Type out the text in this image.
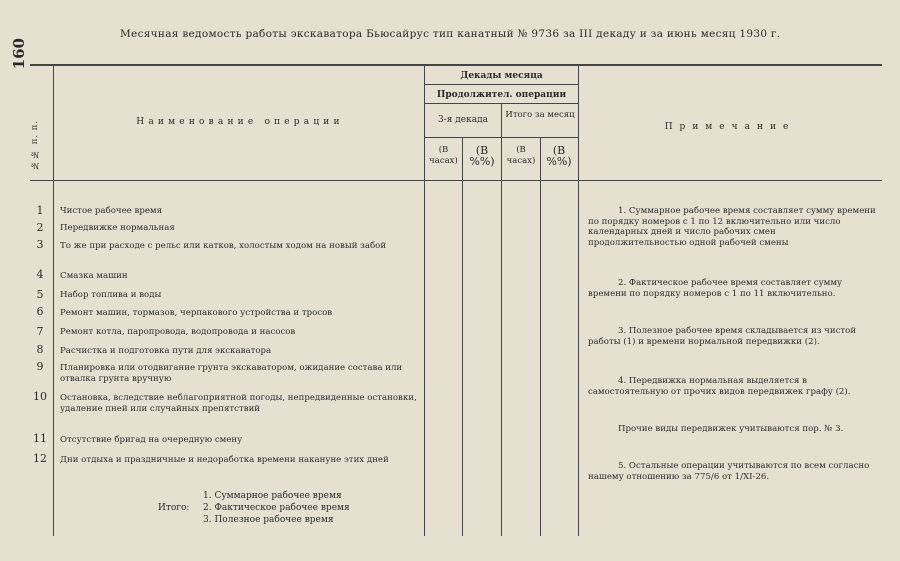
160
Месячная ведомость работы экскаватора Бьюсайрус тип канатный № 9736 за III декаду и за июнь месяц 1930 г.
№№ п. п.	Наименование операции
Декады месяца
Продолжител. операции
3-я декада	Итого за месяц
(В часах)
(В %%)
(В часах)
(В %%)
Примечание
1
2
3
4
5
6
7
8
9
10
11
12
Чистое рабочее время
Передвижке нормальная
То же при расходе с рельс или катков, холостым ходом на новый забой
Смазка машин
Набор топлива и воды
Ремонт машин, тормазов, черпакового устройства и тросов
Ремонт котла, паропровода, водопровода и насосов
Расчистка и подготовка пути для экскаватора
Планировка или отодвигание грунта экскаватором, ожидание состава или отвалка грунта вручную
Остановка, вследствие неблагоприятной погоды, непредвиденные остановки, удаление пней или случайных препятствий
Отсутствие бригад на очередную смену
Дни отдыха и праздничные и недоработка времени накануне этих дней
Итого:
1. Суммарное рабочее время
2. Фактическое рабочее время
3. Полезное рабочее время
1. Суммарное рабочее время составляет сумму времени по порядку номеров с 1 по 12 включительно или число календарных дней и число рабочих смен продолжительностью одной рабочей смены
2. Фактическое рабочее время составляет сумму времени по порядку номеров с 1 по 11 включительно.
3. Полезное рабочее время складывается из чистой работы (1) и времени нормальной передвижки (2).
4. Передвижка нормальная выделяется в самостоятельную от прочих видов передвижек графу (2).
Прочие виды передвижек учитываются пор. № 3.
5. Остальные операции учитываются по всем согласно нашему отношению за 775/6 от 1/XI-26.
